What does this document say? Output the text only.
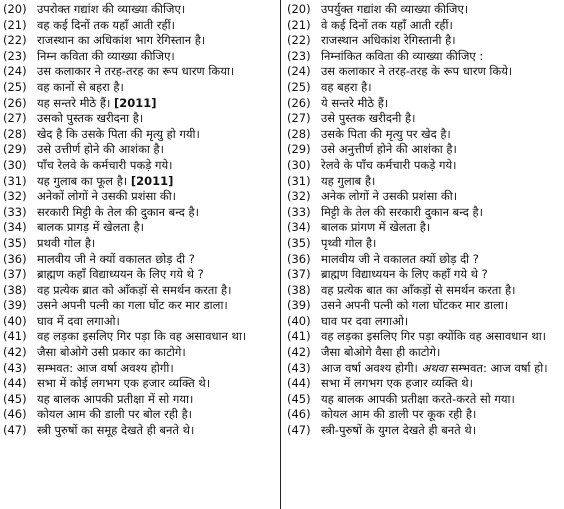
(20) उपरोक्त गद्यांश की व्याख्या कीजिए।	(20) उपर्युक्त गद्यांश की व्याख्या कीजिए।
(21) वह कई दिनों तक यहाँ आती रहीं।	(21) वे कई दिनों तक यहाँ आती रहीं।
(22) राजस्थान का अधिकांश भाग रेगिस्तान है।	(22) राजस्थान अधिकांश रेगिस्तानी है।
(23) निम्न कविता की व्याख्या कीजिए।	(23) निम्नांकित कविता की व्याख्या कीजिए :
(24) उस कलाकार ने तरह-तरह का रूप धारण किया।	(24) उस कलाकार ने तरह-तरह के रूप धारण किये।
(25) वह कानों से बहरा है।	(25) वह बहरा है।
(26) यह सन्तरे मीठे हैं। [2011]	(26) ये सन्तरे मीठे हैं।
(27) उसको पुस्तक खरीदना है।	(27) उसे पुस्तक खरीदनी है।
(28) खेद है कि उसके पिता की मृत्यु हो गयी।	(28) उसके पिता की मृत्यु पर खेद है।
(29) उसे उत्तीर्ण होने की आशंका है।	(29) उसे अनुत्तीर्ण होने की आशंका है।
(30) पाँच रेलवे के कर्मचारी पकड़े गये।	(30) रेलवे के पाँच कर्मचारी पकड़े गये।
(31) यह गुलाब का फूल है। [2011]	(31) यह गुलाब है।
(32) अनेकों लोगों ने उसकी प्रशंसा की।	(32) अनेक लोगों ने उसकी प्रशंसा की।
(33) सरकारी मिट्टी के तेल की दुकान बन्द है।	(33) मिट्टी के तेल की सरकारी दुकान बन्द है।
(34) बालक प्रागड़ में खेलता है।	(34) बालक प्रांगण में खेलता है।
(35) प्रथवी गोल है।	(35) पृथ्वी गोल है।
(36) मालवीय जी ने क्यों वकालत छोड़ दी ?	(36) मालवीय जी ने वकालत क्यों छोड़ दी ?
(37) ब्राह्मण कहाँ विद्याध्ययन के लिए गये थे ?	(37) ब्राह्मण विद्याध्ययन के लिए कहाँ गये थे ?
(38) वह प्रत्येक ब्रात को आँकड़ों से समर्थन करता है।	(38) वह प्रत्येक बात का आँकड़ों से समर्थन करता है।
(39) उसने अपनी पत्नी का गला घोंट कर मार डाला।	(39) उसने अपनी पत्नी को गला घोंटकर मार डाला।
(40) घाव में दवा लगाओ।	(40) घाव पर दवा लगाओ।
(41) वह लड़का इसलिए गिर पड़ा कि वह असावधान था।	(41) वह लड़का इसलिए गिर पड़ा क्योंकि वह असावधान था।
(42) जैसा बोओगे उसी प्रकार का काटोगे।	(42) जैसा बोओगे वैसा ही काटोगे।
(43) सम्भवत: आज वर्षा अवश्य होगी।	(43) आज वर्षा अवश्य होगी। अथवा सम्भवत: आज वर्षा हो।
(44) सभा में कोई लगभग एक हजार व्यक्ति थे।	(44) सभा में लगभग एक हजार व्यक्ति थे।
(45) यह बालक आपकी प्रतीक्षा में सो गया।	(45) यह बालक आपकी प्रतीक्षा करते-करते सो गया।
(46) कोयल आम की डाली पर बोल रही है।	(46) कोयल आम की डाली पर कूक रही है।
(47) स्त्री पुरुषों का समूह देखते ही बनते थे।	(47) स्त्री-पुरुषों के युगल देखते ही बनते थे।
